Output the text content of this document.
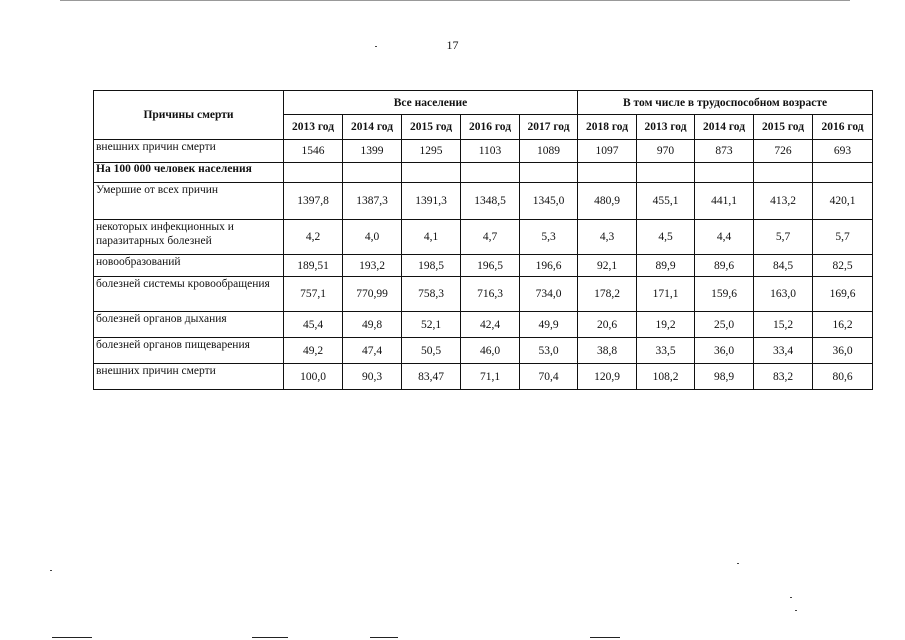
17
Причины смерти	Все население					В том числе в трудоспособном возрасте				
	2013 год	2014 год	2015 год	2016 год	2017 год	2018 год	2013 год	2014 год	2015 год	2016 год
внешних причин смерти	1546	1399	1295	1103	1089	1097	970	873	726	693
На 100 000 человек населения										
Умершие от всех причин	1397,8	1387,3	1391,3	1348,5	1345,0	480,9	455,1	441,1	413,2	420,1
некоторых инфекционных и паразитарных болезней	4,2	4,0	4,1	4,7	5,3	4,3	4,5	4,4	5,7	5,7
новообразований	189,51	193,2	198,5	196,5	196,6	92,1	89,9	89,6	84,5	82,5
болезней системы кровообращения	757,1	770,99	758,3	716,3	734,0	178,2	171,1	159,6	163,0	169,6
болезней органов дыхания	45,4	49,8	52,1	42,4	49,9	20,6	19,2	25,0	15,2	16,2
болезней органов пищеварения	49,2	47,4	50,5	46,0	53,0	38,8	33,5	36,0	33,4	36,0
внешних причин смерти	100,0	90,3	83,47	71,1	70,4	120,9	108,2	98,9	83,2	80,6
